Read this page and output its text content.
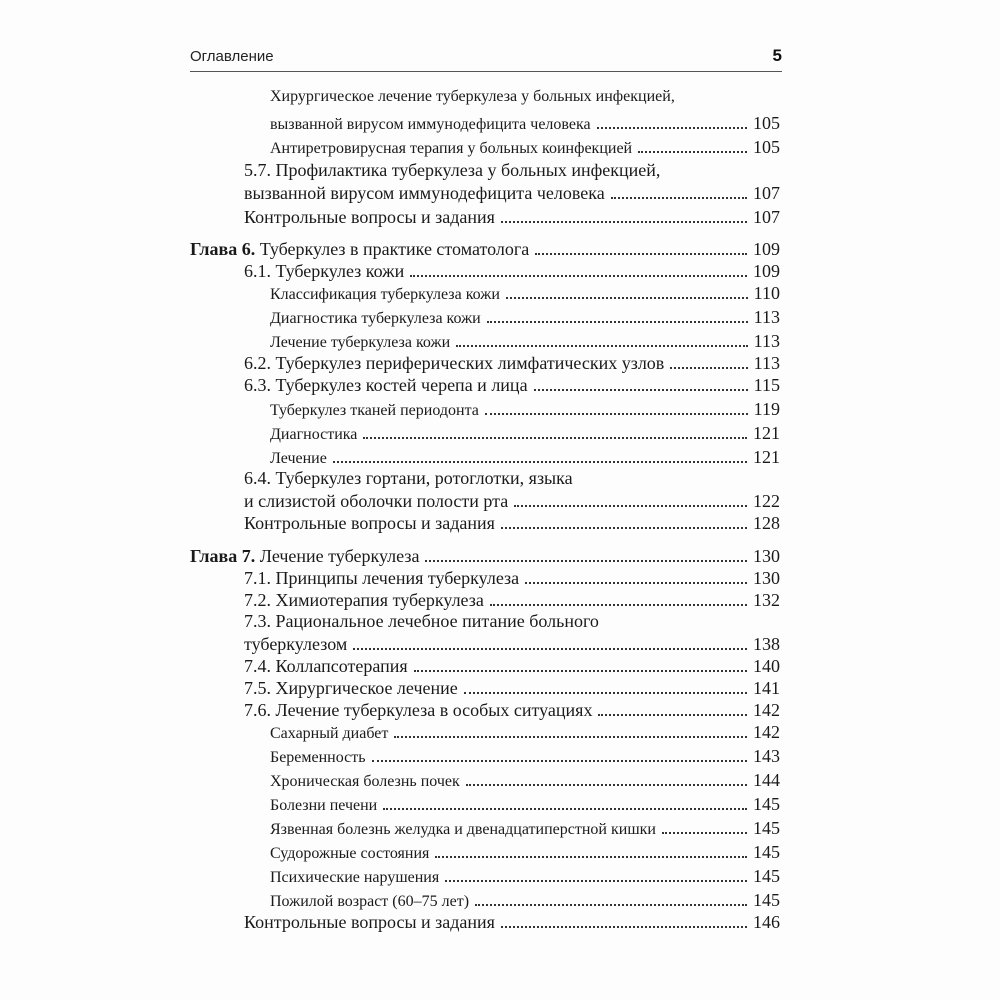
Оглавление	5
Хирургическое лечение туберкулеза у больных инфекцией,
вызванной вирусом иммунодефицита человека	105
Антиретровирусная терапия у больных коинфекцией	105
5.7. Профилактика туберкулеза у больных инфекцией,
вызванной вирусом иммунодефицита человека	107
Контрольные вопросы и задания	107
Глава 6. Туберкулез в практике стоматолога	109
6.1. Туберкулез кожи	109
Классификация туберкулеза кожи	110
Диагностика туберкулеза кожи	113
Лечение туберкулеза кожи	113
6.2. Туберкулез периферических лимфатических узлов	113
6.3. Туберкулез костей черепа и лица	115
Туберкулез тканей периодонта	119
Диагностика	121
Лечение	121
6.4. Туберкулез гортани, ротоглотки, языка
и слизистой оболочки полости рта	122
Контрольные вопросы и задания	128
Глава 7. Лечение туберкулеза	130
7.1. Принципы лечения туберкулеза	130
7.2. Химиотерапия туберкулеза	132
7.3. Рациональное лечебное питание больного
туберкулезом	138
7.4. Коллапсотерапия	140
7.5. Хирургическое лечение	141
7.6. Лечение туберкулеза в особых ситуациях	142
Сахарный диабет	142
Беременность	143
Хроническая болезнь почек	144
Болезни печени	145
Язвенная болезнь желудка и двенадцатиперстной кишки	145
Судорожные состояния	145
Психические нарушения	145
Пожилой возраст (60–75 лет)	145
Контрольные вопросы и задания	146
